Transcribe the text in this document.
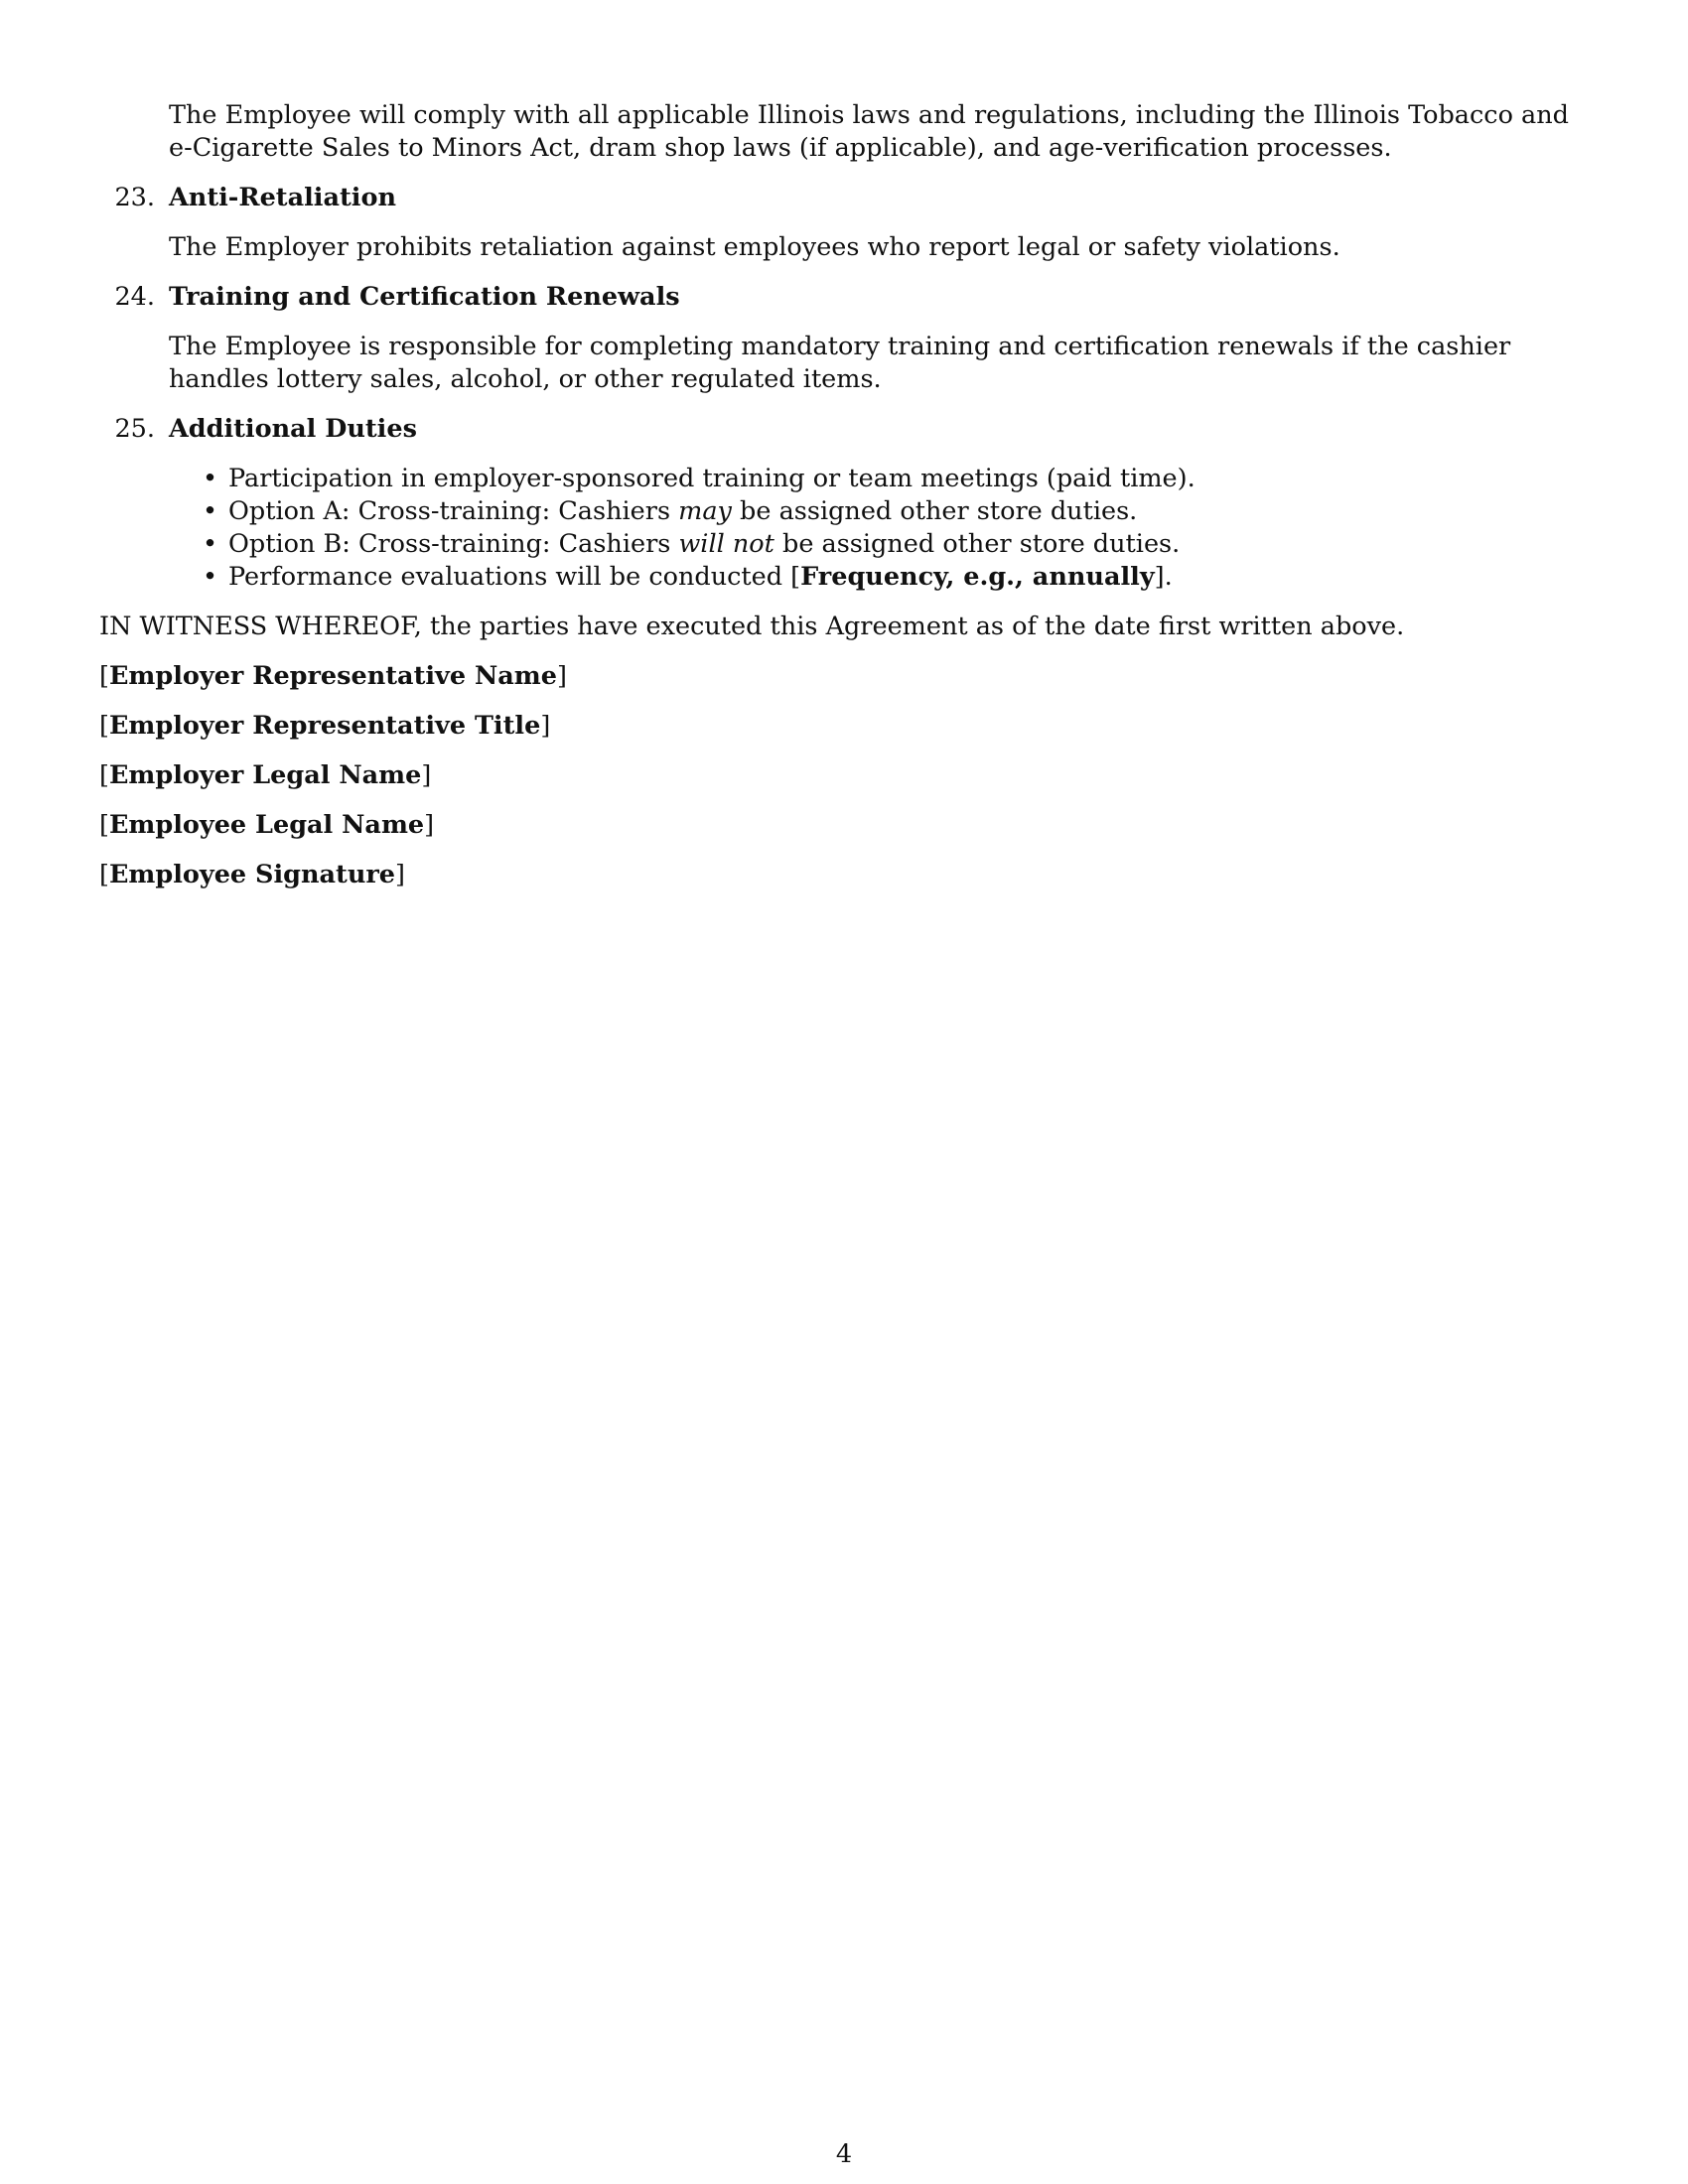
The Employee will comply with all applicable Illinois laws and regulations, including the Illinois Tobacco and e-Cigarette Sales to Minors Act, dram shop laws (if applicable), and age-verification processes.

23. Anti-Retaliation

The Employer prohibits retaliation against employees who report legal or safety violations.

24. Training and Certification Renewals

The Employee is responsible for completing mandatory training and certification renewals if the cashier handles lottery sales, alcohol, or other regulated items.

25. Additional Duties
• Participation in employer-sponsored training or team meetings (paid time).
• Option A: Cross-training: Cashiers may be assigned other store duties.
• Option B: Cross-training: Cashiers will not be assigned other store duties.
• Performance evaluations will be conducted [Frequency, e.g., annually].

IN WITNESS WHEREOF, the parties have executed this Agreement as of the date first written above.

[Employer Representative Name]
[Employer Representative Title]
[Employer Legal Name]
[Employee Legal Name]
[Employee Signature]
4
